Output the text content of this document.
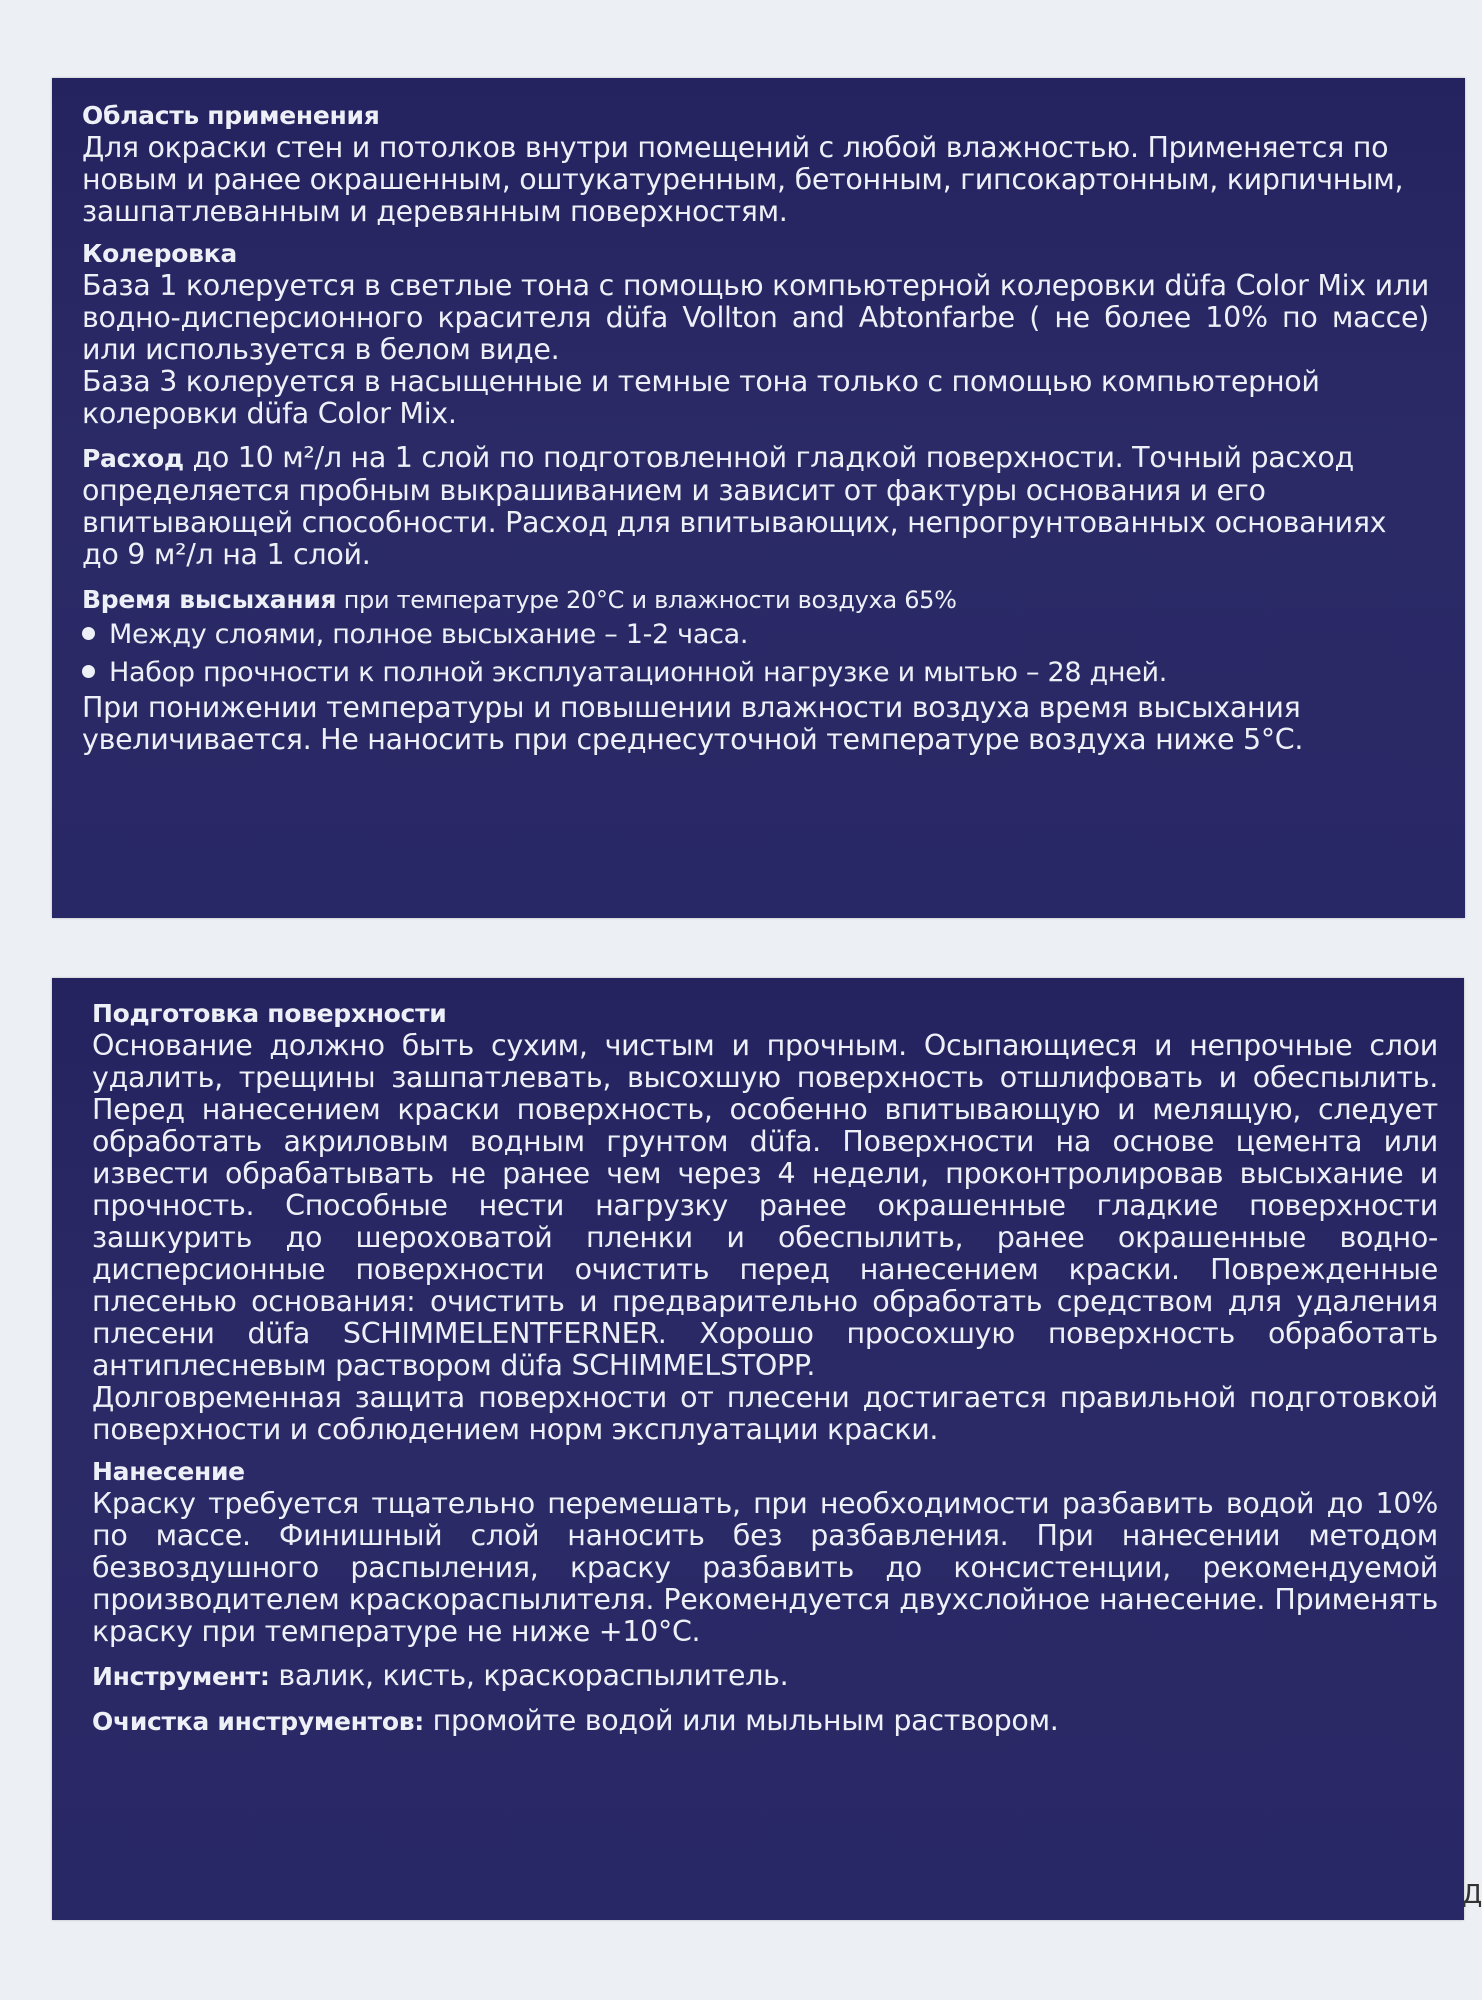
Область применения
Для окраски стен и потолков внутри помещений с любой влажностью. Применяется по новым и ранее окрашенным, оштукатуренным, бетонным, гипсокартонным, кирпичным, зашпатлеванным и деревянным поверхностям.
Колеровка
База 1 колеруется в светлые тона с помощью компьютерной колеровки düfa Color Mix или водно-дисперсионного красителя düfa Vollton and Abtonfarbe ( не более 10% по массе) или используется в белом виде.
База 3 колеруется в насыщенные и темные тона только с помощью компьютерной колеровки düfa Color Mix.
Расход до 10 м²/л на 1 слой по подготовленной гладкой поверхности. Точный расход определяется пробным выкрашиванием и зависит от фактуры основания и его впитывающей способности. Расход для впитывающих, непрогрунтованных основаниях до 9 м²/л на 1 слой.
Время высыхания при температуре 20°C и влажности воздуха 65%
Между слоями, полное высыхание – 1-2 часа.
Набор прочности к полной эксплуатационной нагрузке и мытью – 28 дней.
При понижении температуры и повышении влажности воздуха время высыхания увеличивается. Не наносить при среднесуточной температуре воздуха ниже 5°C.
Подготовка поверхности
Основание должно быть сухим, чистым и прочным. Осыпающиеся и непрочные слои удалить, трещины зашпатлевать, высохшую поверхность отшлифовать и обеспылить. Перед нанесением краски поверхность, особенно впитывающую и мелящую, следует обработать акриловым водным грунтом düfa. Поверхности на основе цемента или извести обрабатывать не ранее чем через 4 недели, проконтролировав высыхание и прочность. Способные нести нагрузку ранее окрашенные гладкие поверхности зашкурить до шероховатой пленки и обеспылить, ранее окрашенные водно-дисперсионные поверхности очистить перед нанесением краски. Поврежденные плесенью основания: очистить и предварительно обработать средством для удаления плесени düfa SCHIMMELENTFERNER. Хорошо просохшую поверхность обработать антиплесневым раствором düfa SCHIMMELSTOPP.
Долговременная защита поверхности от плесени достигается правильной подготовкой поверхности и соблюдением норм эксплуатации краски.
Нанесение
Краску требуется тщательно перемешать, при необходимости разбавить водой до 10% по массе. Финишный слой наносить без разбавления. При нанесении методом безвоздушного распыления, краску разбавить до консистенции, рекомендуемой производителем краскораспылителя. Рекомендуется двухслойное нанесение. Применять краску при температуре не ниже +10°C.
Инструмент: валик, кисть, краскораспылитель.
Очистка инструментов: промойте водой или мыльным раствором.
Д
